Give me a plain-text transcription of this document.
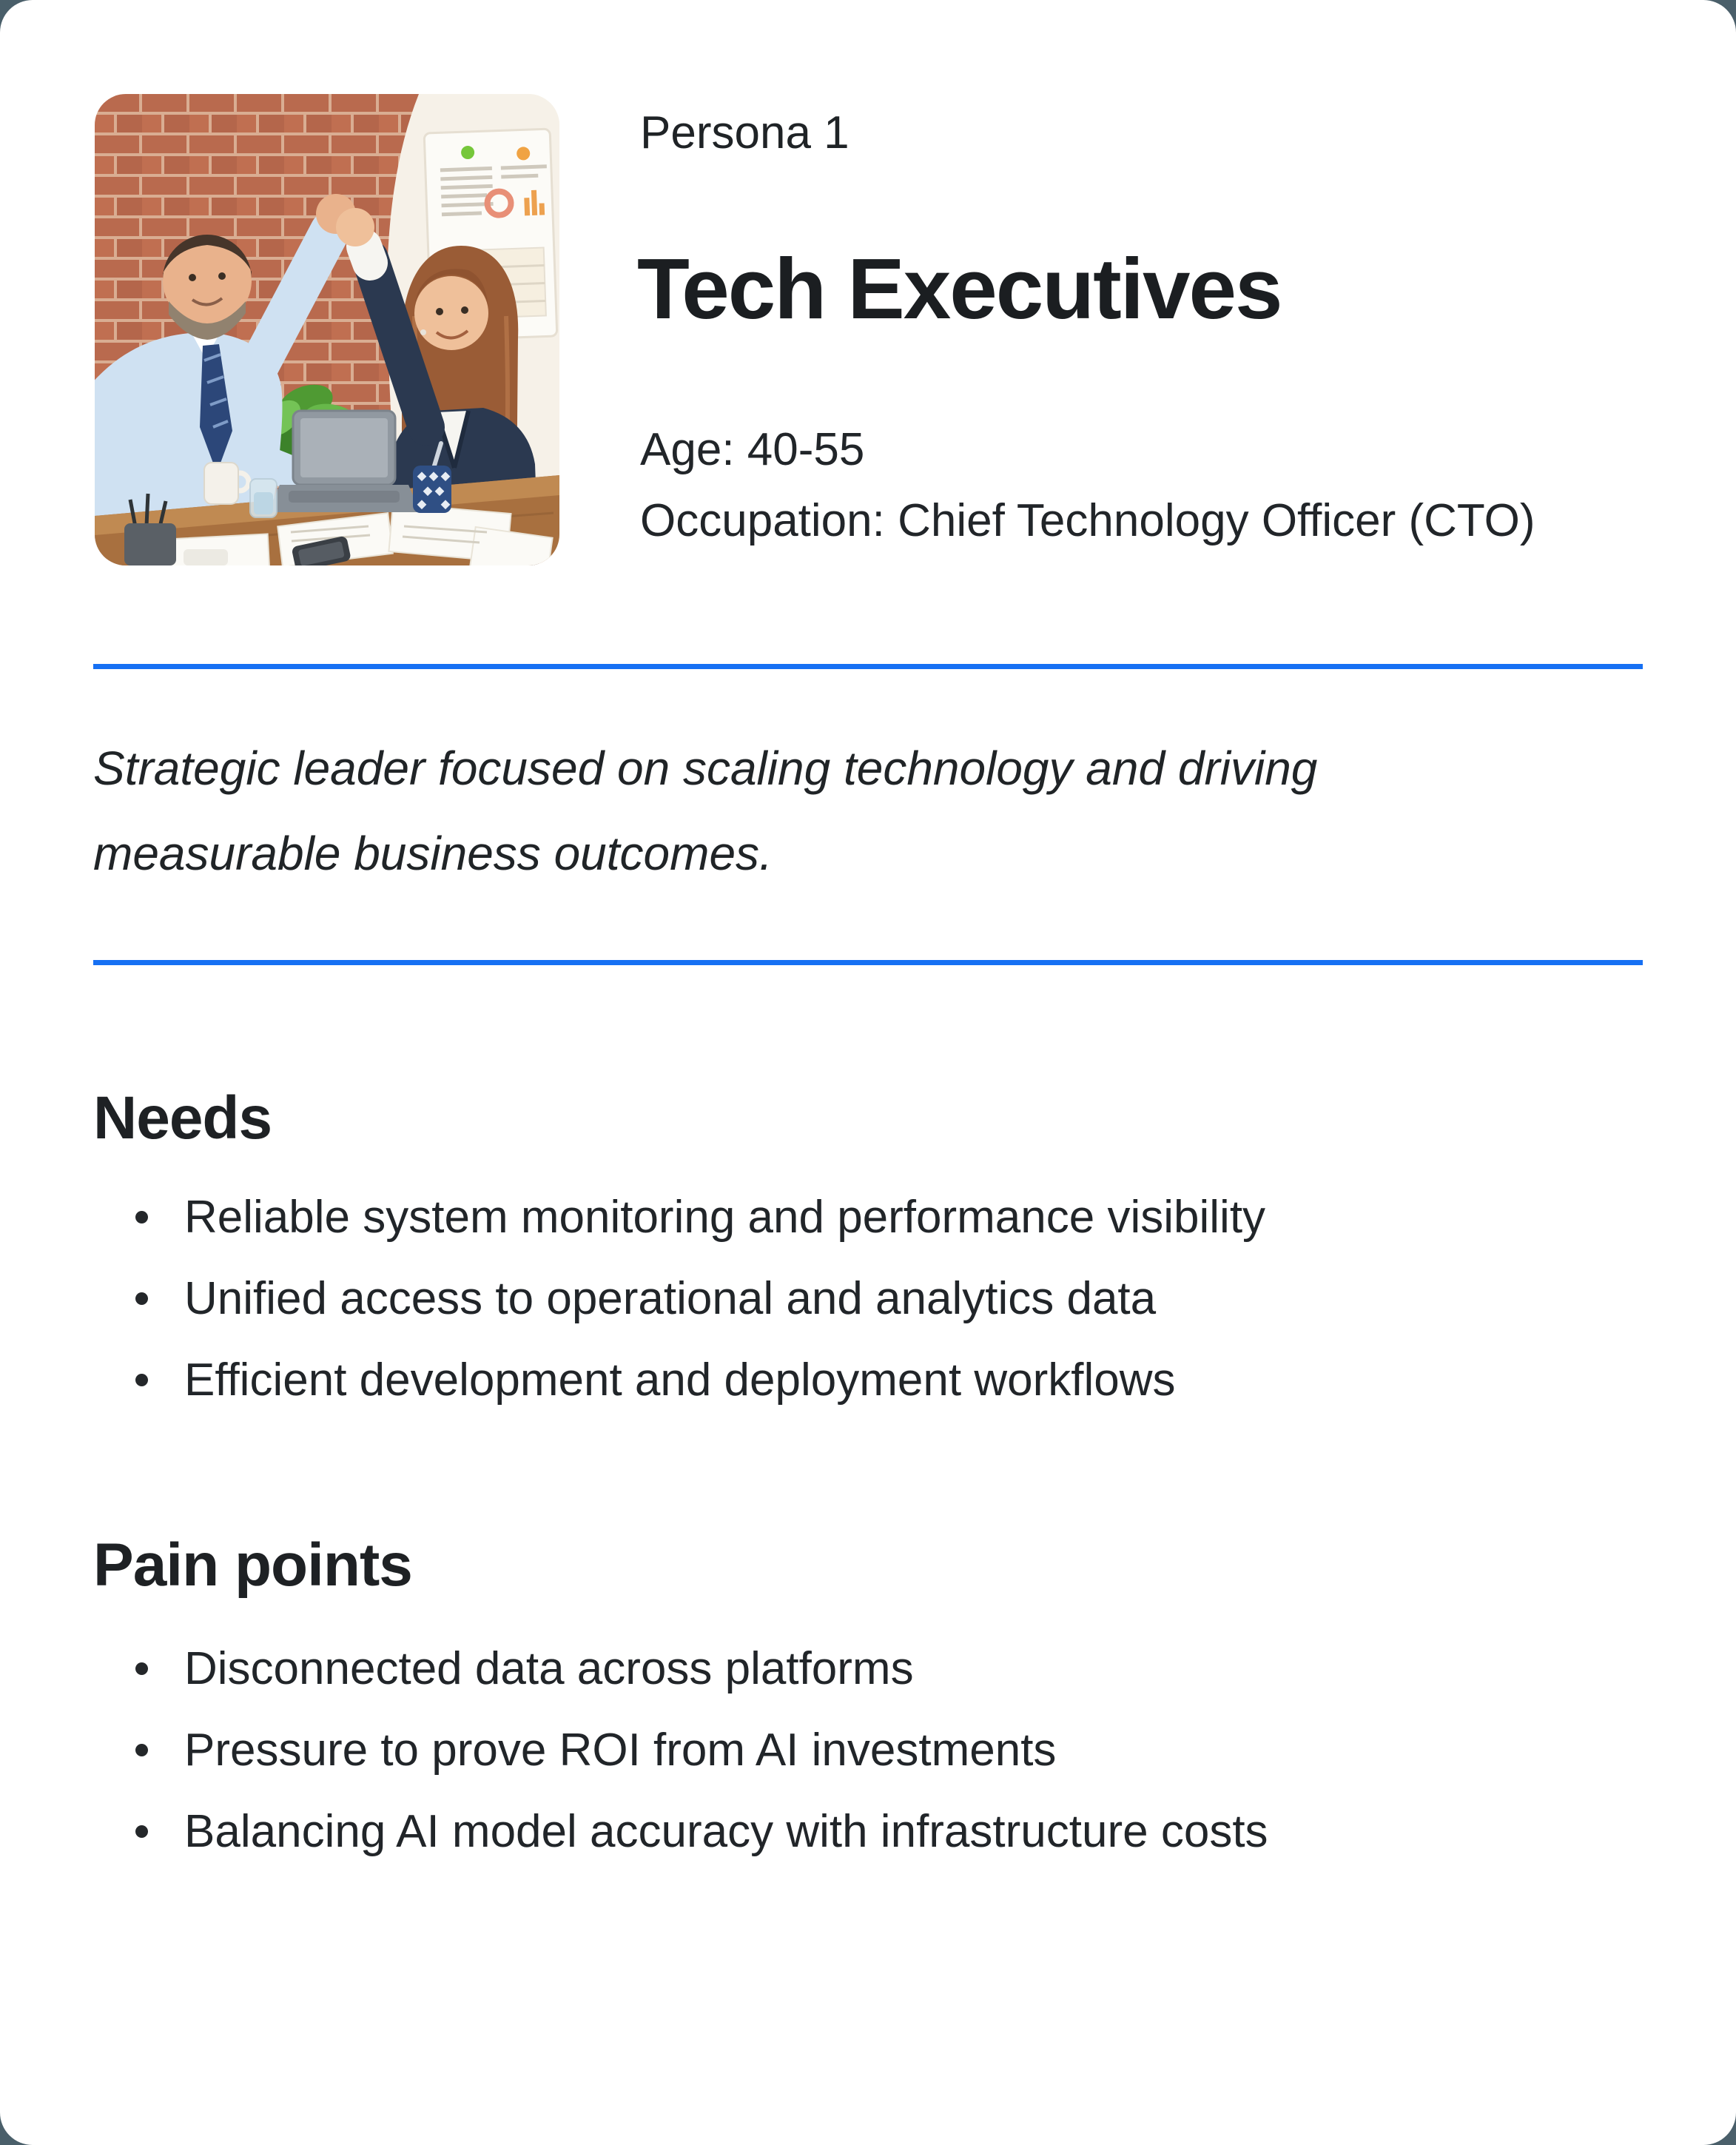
Persona 1
Tech Executives
Age: 40-55
Occupation: Chief Technology Officer (CTO)
Strategic leader focused on scaling technology and driving measurable business outcomes.
Needs
Reliable system monitoring and performance visibility
Unified access to operational and analytics data
Efficient development and deployment workflows
Pain points
Disconnected data across platforms
Pressure to prove ROI from AI investments
Balancing AI model accuracy with infrastructure costs
